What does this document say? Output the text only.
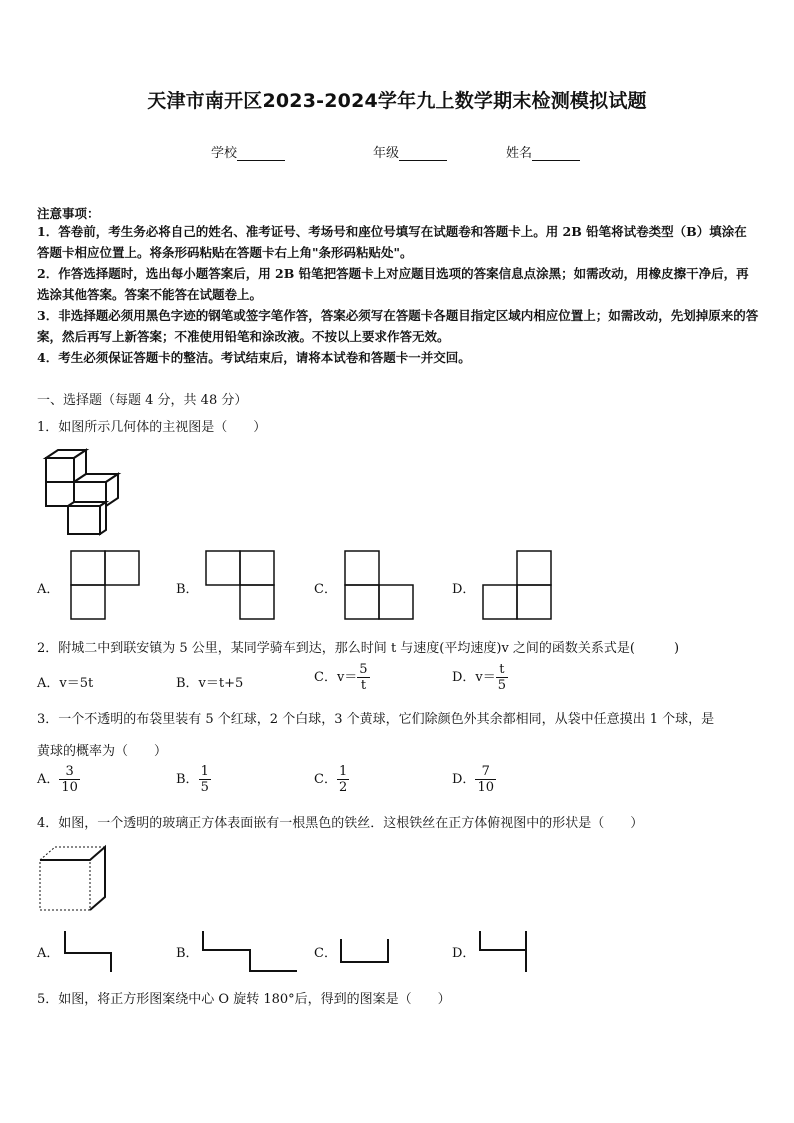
天津市南开区2023-2024学年九上数学期末检测模拟试题
学校	年级	姓名
注意事项：
1．答卷前，考生务必将自己的姓名、准考证号、考场号和座位号填写在试题卷和答题卡上。用 2B 铅笔将试卷类型（B）填涂在答题卡相应位置上。将条形码粘贴在答题卡右上角"条形码粘贴处"。
2．作答选择题时，选出每小题答案后，用 2B 铅笔把答题卡上对应题目选项的答案信息点涂黑；如需改动，用橡皮擦干净后，再选涂其他答案。答案不能答在试题卷上。
3．非选择题必须用黑色字迹的钢笔或签字笔作答，答案必须写在答题卡各题目指定区域内相应位置上；如需改动，先划掉原来的答案，然后再写上新答案；不准使用铅笔和涂改液。不按以上要求作答无效。
4．考生必须保证答题卡的整洁。考试结束后，请将本试卷和答题卡一并交回。
一、选择题（每题 4 分，共 48 分）
1．如图所示几何体的主视图是（　　）
A．	B．	C．	D．
2．附城二中到联安镇为 5 公里，某同学骑车到达，那么时间 t 与速度(平均速度)v 之间的函数关系式是(　　　)
A．v＝5t	B．v＝t+5	C．$v= \frac{5}{t}$	D．$v= \frac{t}{5}$
3．一个不透明的布袋里装有 5 个红球，2 个白球，3 个黄球，它们除颜色外其余都相同，从袋中任意摸出 1 个球，是
黄球的概率为（　　）
A． $\frac{3}{10}$	B． $\frac{1}{5}$	C． $\frac{1}{2}$	D． $\frac{7}{10}$
4．如图，一个透明的玻璃正方体表面嵌有一根黑色的铁丝．这根铁丝在正方体俯视图中的形状是（　　）
A．	B．	C．	D．
5．如图，将正方形图案绕中心 O 旋转 180°后，得到的图案是（　　）
